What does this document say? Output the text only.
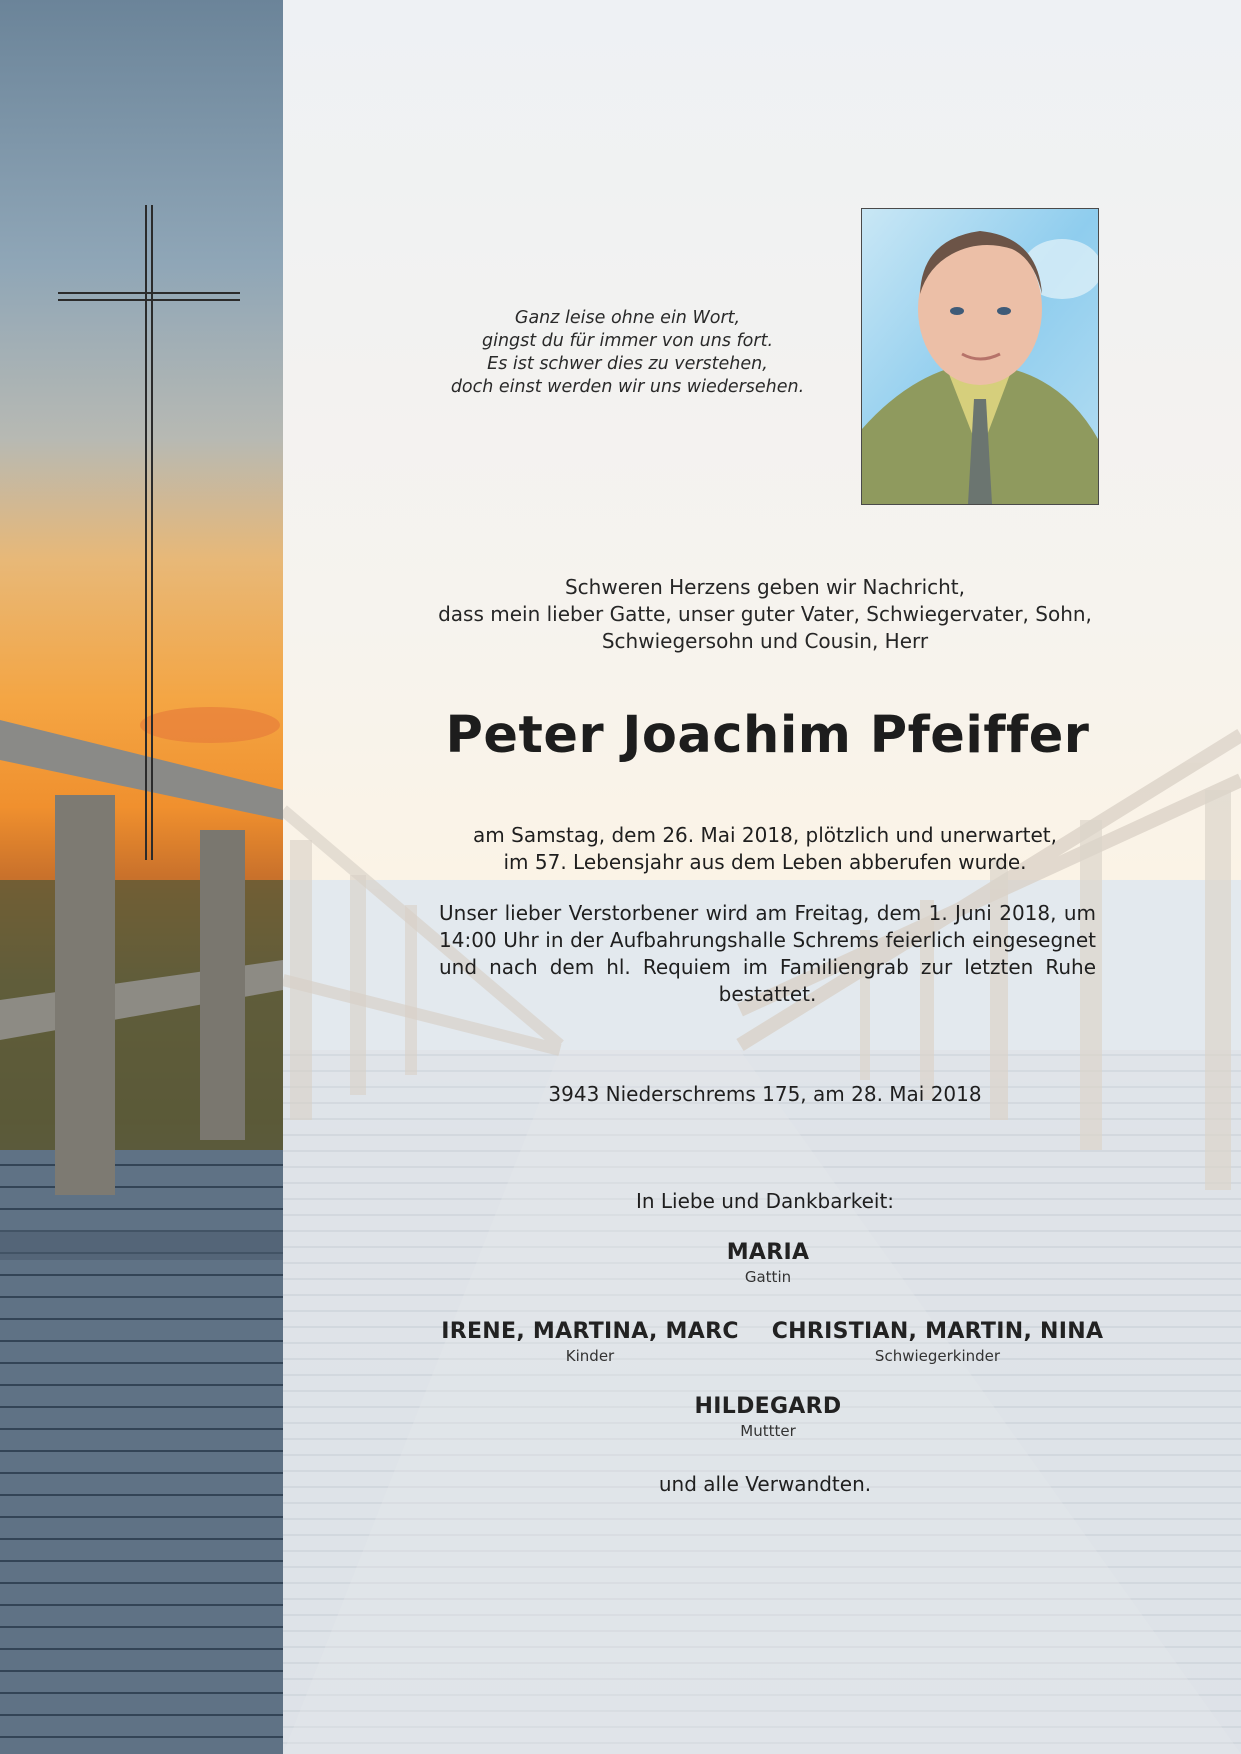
Ganz leise ohne ein Wort,
gingst du für immer von uns fort.
Es ist schwer dies zu verstehen,
doch einst werden wir uns wiedersehen.
Schweren Herzens geben wir Nachricht,
dass mein lieber Gatte, unser guter Vater, Schwiegervater, Sohn,
Schwiegersohn und Cousin, Herr
Peter Joachim Pfeiffer
am Samstag, dem 26. Mai 2018, plötzlich und unerwartet,
im 57. Lebensjahr aus dem Leben abberufen wurde.
Unser lieber Verstorbener wird am Freitag, dem 1. Juni 2018, um 14:00 Uhr in der Aufbahrungshalle Schrems feierlich eingesegnet und nach dem hl. Requiem im Familiengrab zur letzten Ruhe bestattet.
3943 Niederschrems 175, am 28. Mai 2018
In Liebe und Dankbarkeit:
MARIA
Gattin
IRENE, MARTINA, MARC
Kinder
CHRISTIAN, MARTIN, NINA
Schwiegerkinder
HILDEGARD
Muttter
und alle Verwandten.
